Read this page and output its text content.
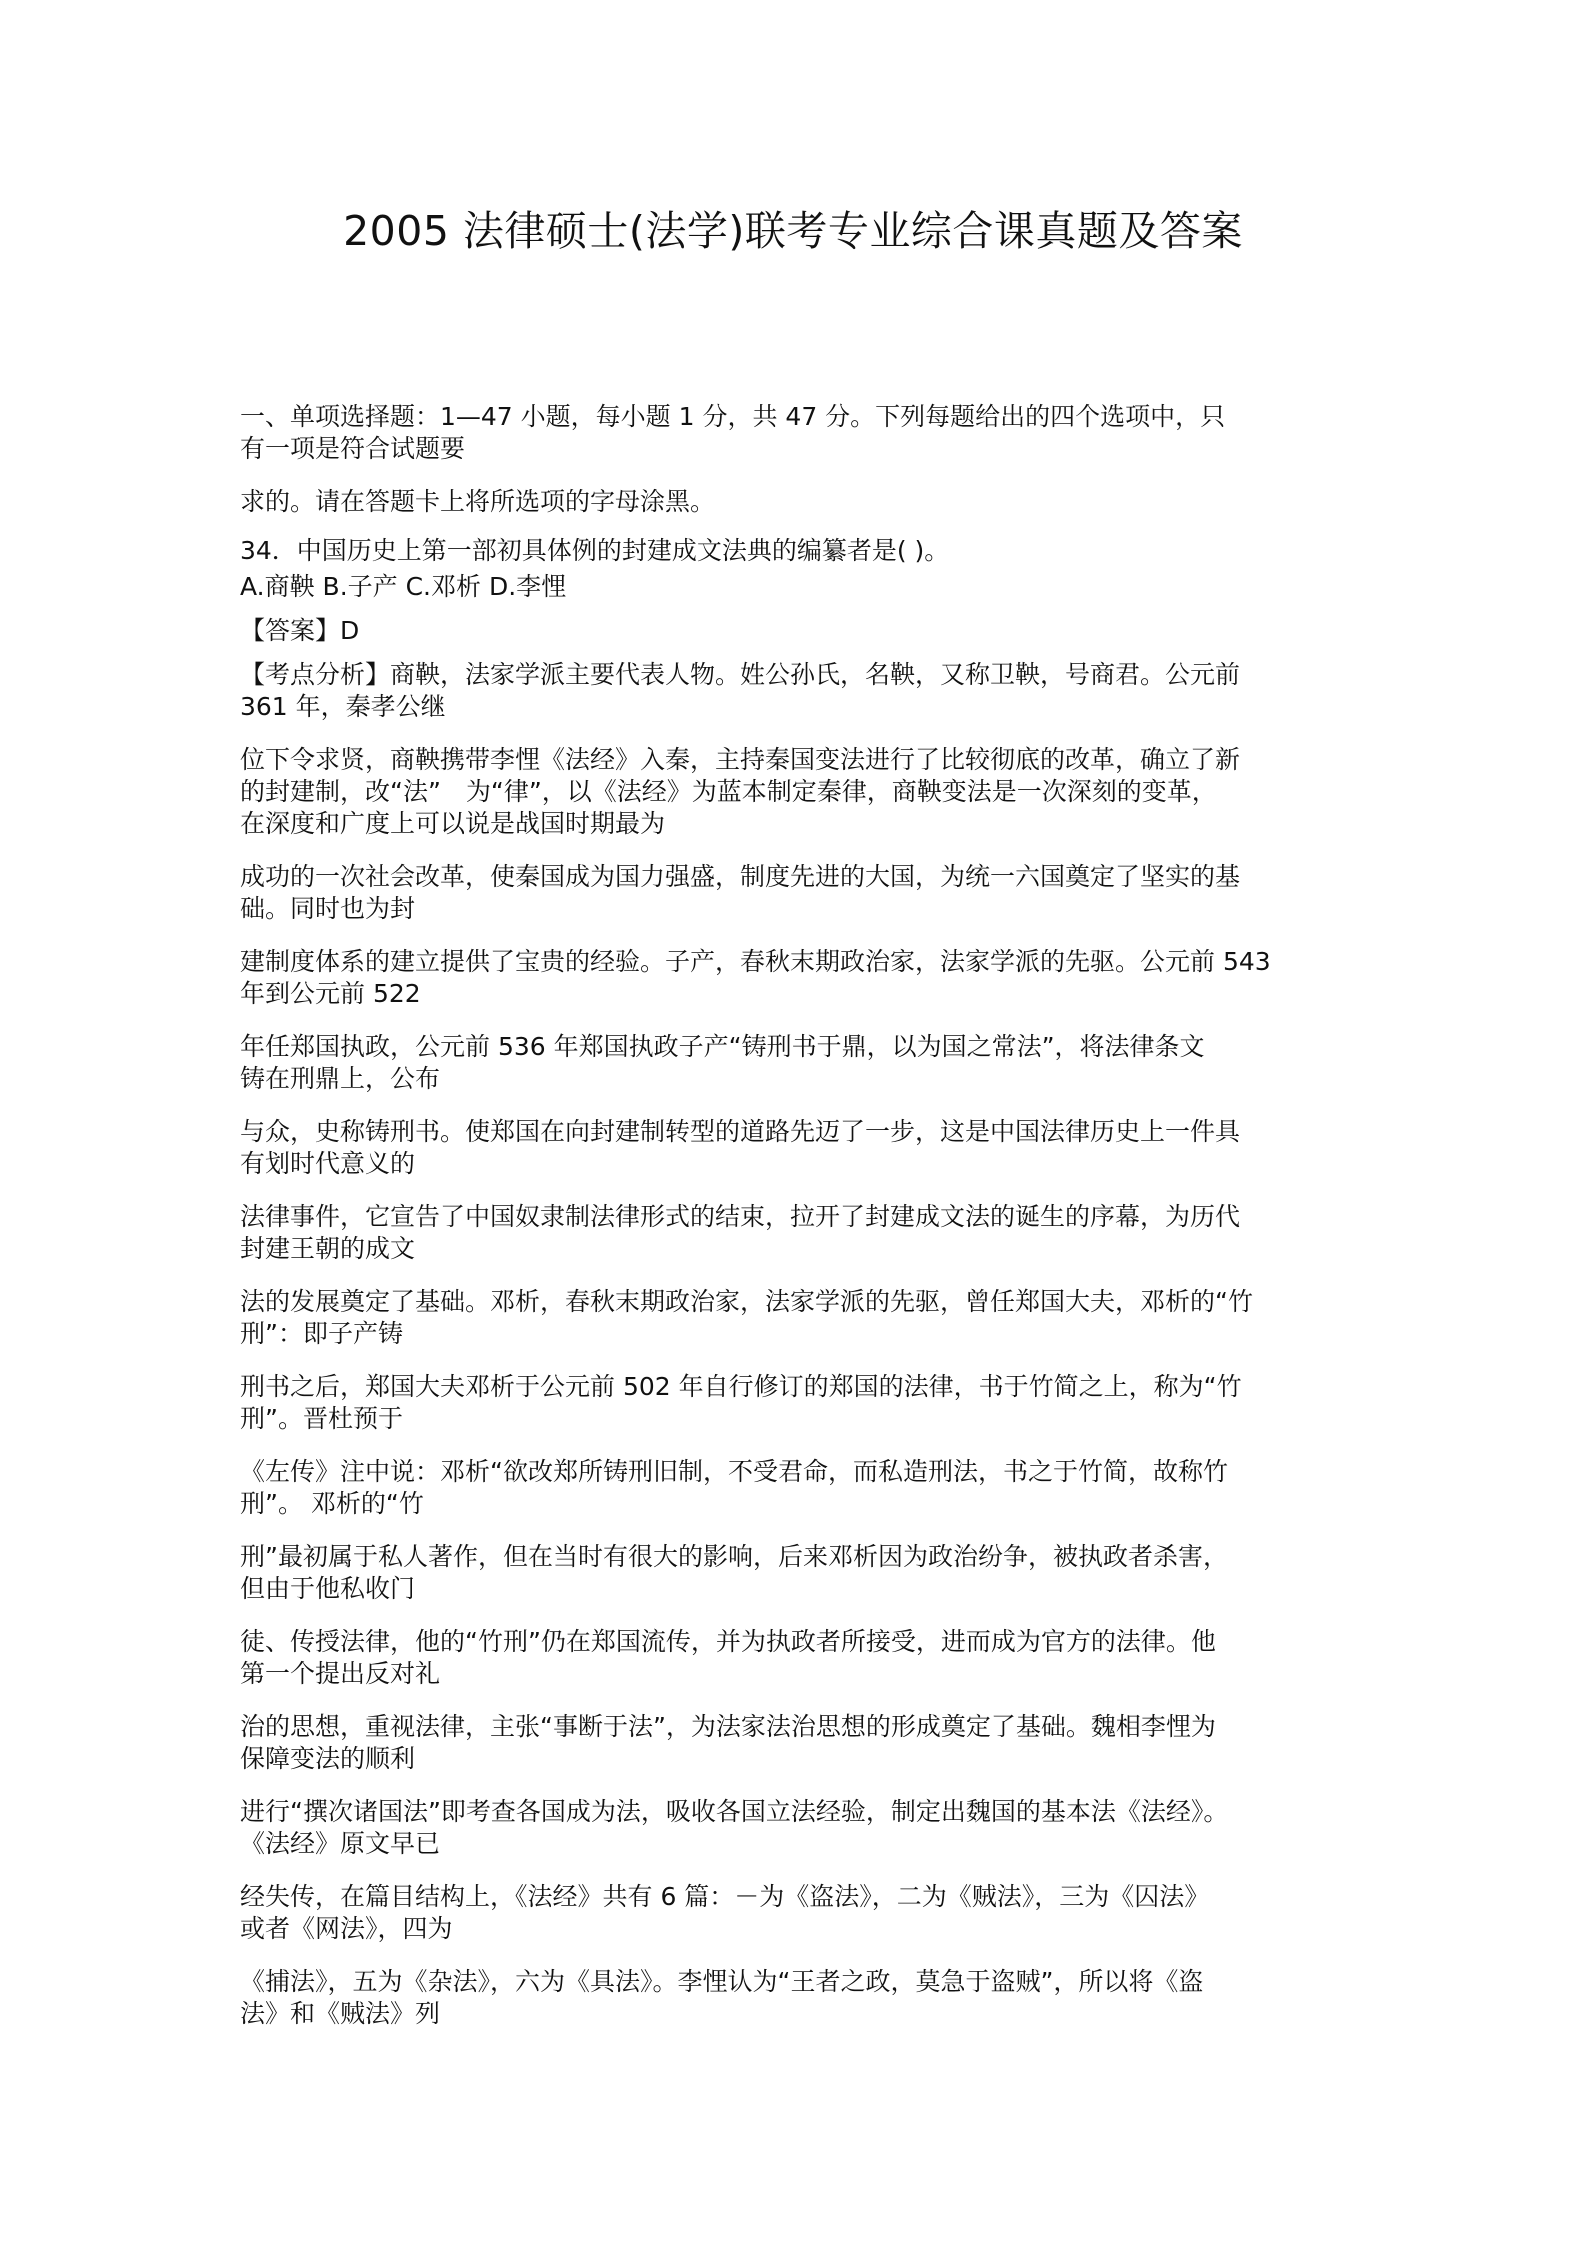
2005 法律硕士(法学)联考专业综合课真题及答案
一、单项选择题：1—47 小题，每小题 1 分，共 47 分。下列每题给出的四个选项中，只
有一项是符合试题要
求的。请在答题卡上将所选项的字母涂黑。
34．中国历史上第一部初具体例的封建成文法典的编纂者是( )。
A.商鞅 B.子产 C.邓析 D.李悝
【答案】D
【考点分析】商鞅，法家学派主要代表人物。姓公孙氏，名鞅，又称卫鞅，号商君。公元前
361 年，秦孝公继
位下令求贤，商鞅携带李悝《法经》入秦，主持秦国变法进行了比较彻底的改革，确立了新
的封建制，改“法”　为“律”，以《法经》为蓝本制定秦律，商鞅变法是一次深刻的变革，
在深度和广度上可以说是战国时期最为
成功的一次社会改革，使秦国成为国力强盛，制度先进的大国，为统一六国奠定了坚实的基
础。同时也为封
建制度体系的建立提供了宝贵的经验。子产，春秋末期政治家，法家学派的先驱。公元前 543
年到公元前 522
年任郑国执政，公元前 536 年郑国执政子产“铸刑书于鼎，以为国之常法”，将法律条文
铸在刑鼎上，公布
与众，史称铸刑书。使郑国在向封建制转型的道路先迈了一步，这是中国法律历史上一件具
有划时代意义的
法律事件，它宣告了中国奴隶制法律形式的结束，拉开了封建成文法的诞生的序幕，为历代
封建王朝的成文
法的发展奠定了基础。邓析，春秋末期政治家，法家学派的先驱，曾任郑国大夫，邓析的“竹
刑”：即子产铸
刑书之后，郑国大夫邓析于公元前 502 年自行修订的郑国的法律，书于竹简之上，称为“竹
刑”。晋杜预于
《左传》注中说：邓析“欲改郑所铸刑旧制，不受君命，而私造刑法，书之于竹简，故称竹
刑”。 邓析的“竹
刑”最初属于私人著作，但在当时有很大的影响，后来邓析因为政治纷争，被执政者杀害，
但由于他私收门
徒、传授法律，他的“竹刑”仍在郑国流传，并为执政者所接受，进而成为官方的法律。他
第一个提出反对礼
治的思想，重视法律，主张“事断于法”，为法家法治思想的形成奠定了基础。魏相李悝为
保障变法的顺利
进行“撰次诸国法”即考查各国成为法，吸收各国立法经验，制定出魏国的基本法《法经》。
《法经》原文早已
经失传，在篇目结构上，《法经》共有 6 篇：－为《盗法》，二为《贼法》，三为《囚法》
或者《网法》，四为
《捕法》，五为《杂法》，六为《具法》。李悝认为“王者之政，莫急于盗贼”，所以将《盗
法》和《贼法》列
